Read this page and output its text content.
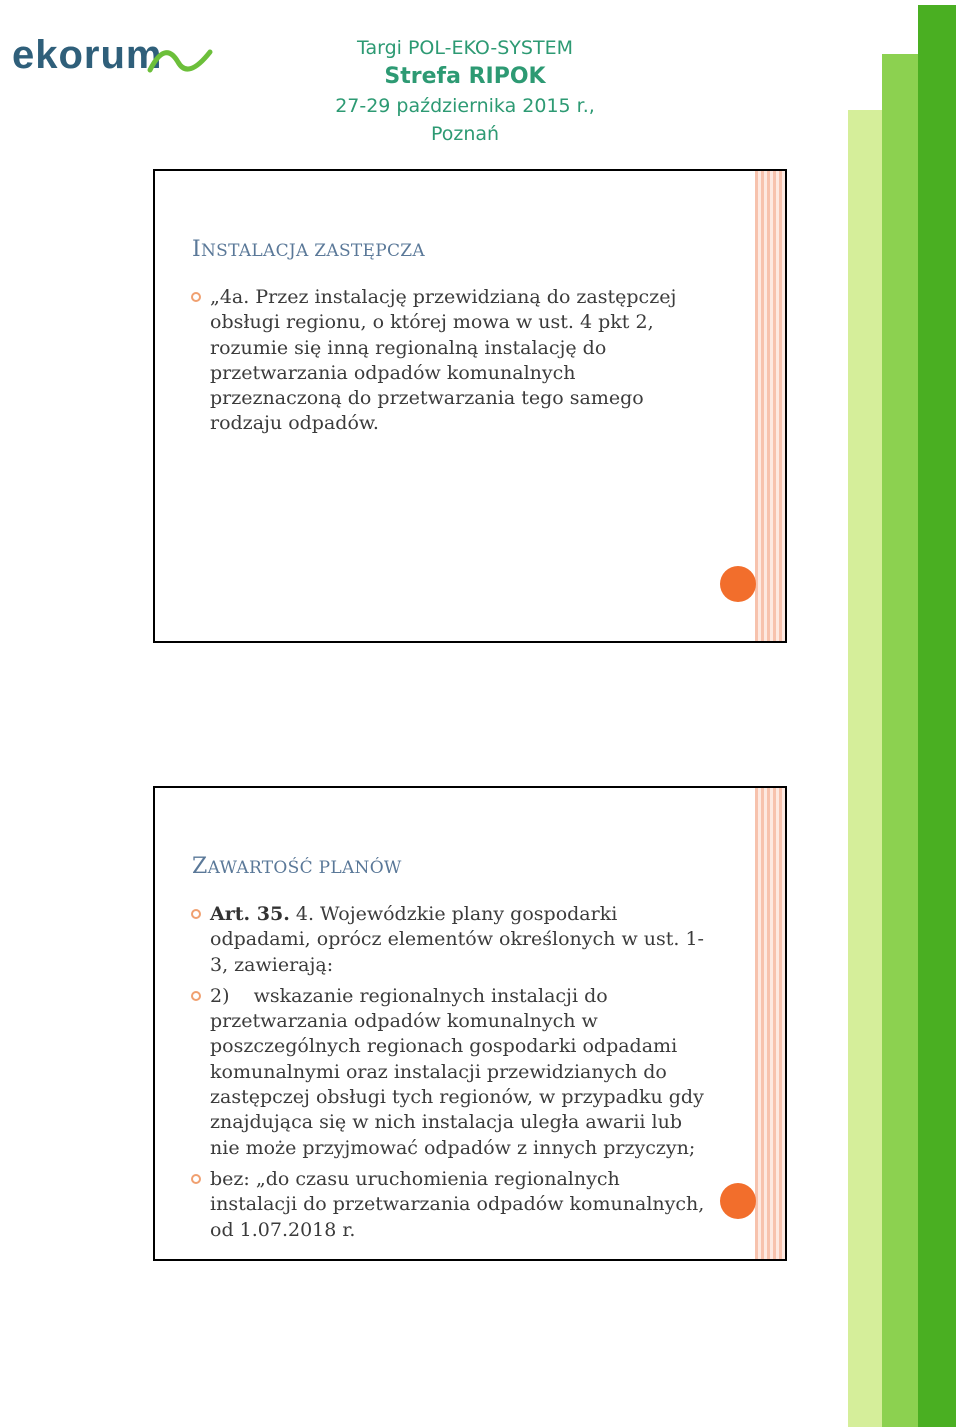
ekorum	Targi POL-EKO-SYSTEM
Strefa RIPOK
27-29 października 2015 r., Poznań
INSTALACJA ZASTĘPCZA
„4a. Przez instalację przewidzianą do zastępczej obsługi regionu, o której mowa w ust. 4 pkt 2, rozumie się inną regionalną instalację do przetwarzania odpadów komunalnych przeznaczoną do przetwarzania tego samego rodzaju odpadów.
ZAWARTOŚĆ PLANÓW
Art. 35. 4. Wojewódzkie plany gospodarki odpadami, oprócz elementów określonych w ust. 1-3, zawierają:
2)    wskazanie regionalnych instalacji do przetwarzania odpadów komunalnych w poszczególnych regionach gospodarki odpadami komunalnymi oraz instalacji przewidzianych do zastępczej obsługi tych regionów, w przypadku gdy znajdująca się w nich instalacja uległa awarii lub nie może przyjmować odpadów z innych przyczyn;
bez: „do czasu uruchomienia regionalnych instalacji do przetwarzania odpadów komunalnych, od 1.07.2018 r.
